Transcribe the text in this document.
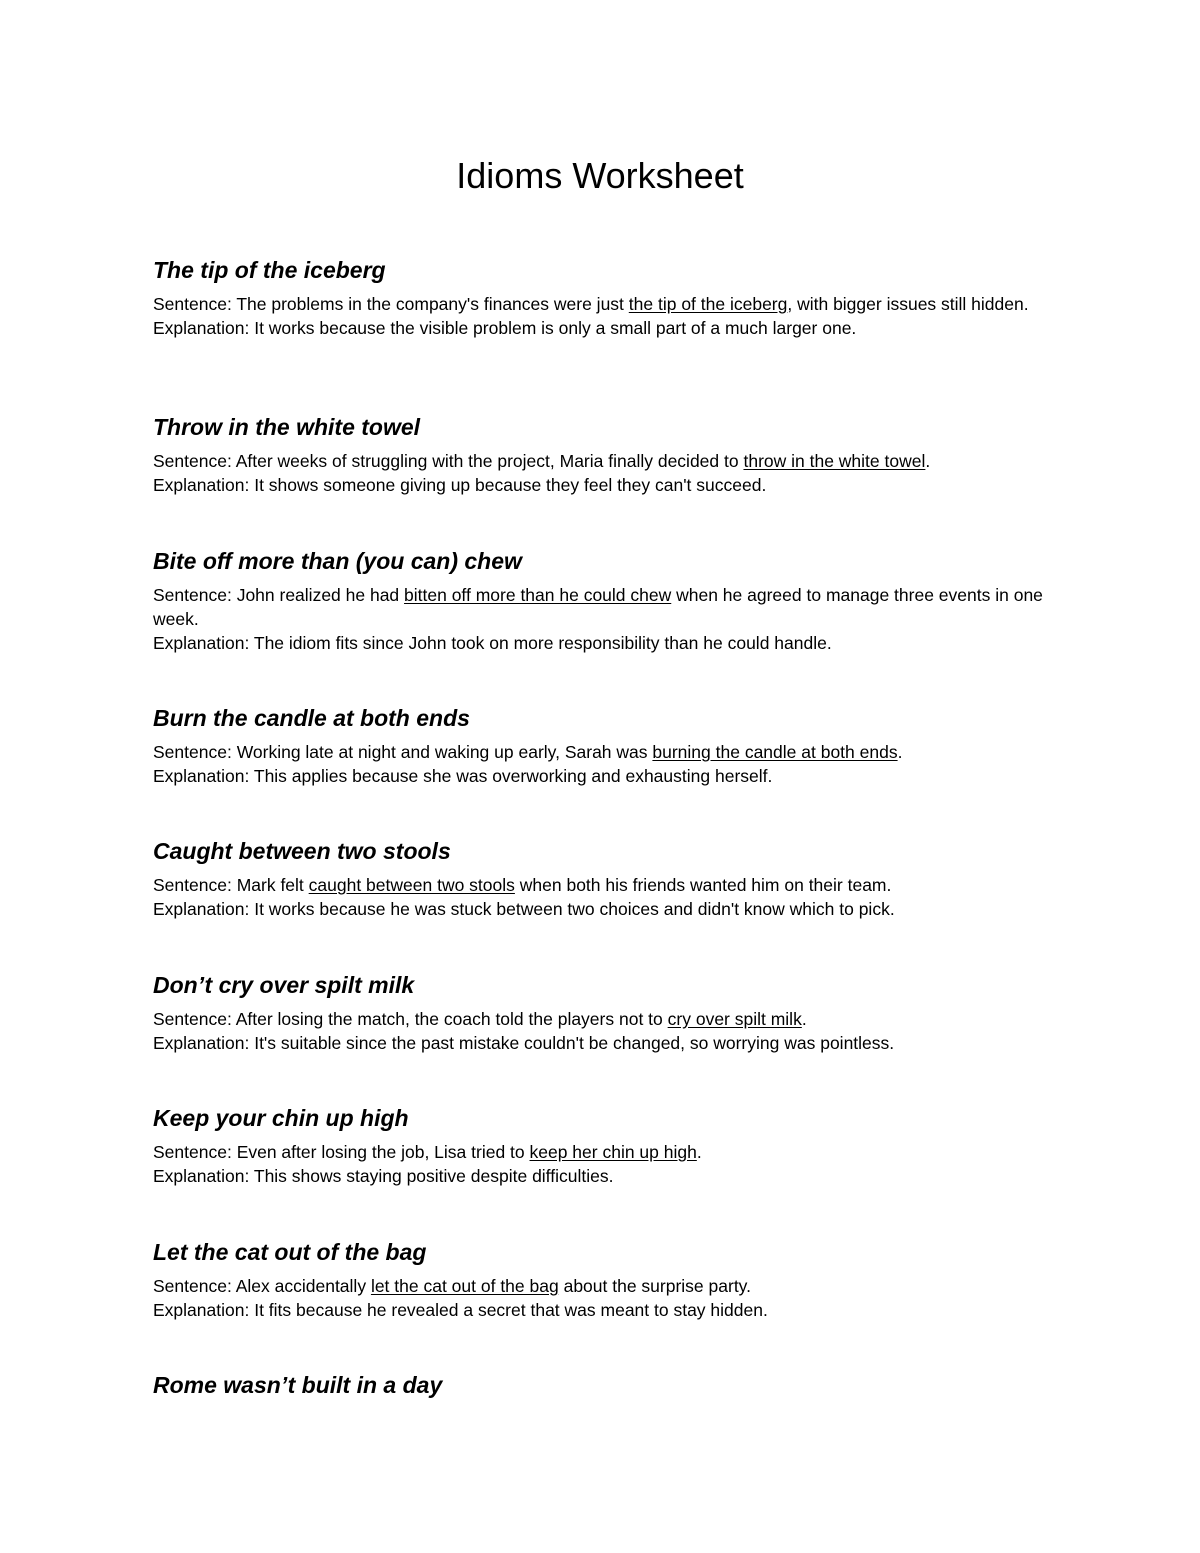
Idioms Worksheet

The tip of the iceberg

Sentence: The problems in the company's finances were just the tip of the iceberg, with bigger issues still hidden.

Explanation: It works because the visible problem is only a small part of a much larger one.

Throw in the white towel

Sentence: After weeks of struggling with the project, Maria finally decided to throw in the white towel.

Explanation: It shows someone giving up because they feel they can't succeed.

Bite off more than (you can) chew

Sentence: John realized he had bitten off more than he could chew when he agreed to manage three events in one week.

Explanation: The idiom fits since John took on more responsibility than he could handle.

Burn the candle at both ends

Sentence: Working late at night and waking up early, Sarah was burning the candle at both ends.

Explanation: This applies because she was overworking and exhausting herself.

Caught between two stools

Sentence: Mark felt caught between two stools when both his friends wanted him on their team.

Explanation: It works because he was stuck between two choices and didn't know which to pick.

Don’t cry over spilt milk

Sentence: After losing the match, the coach told the players not to cry over spilt milk.

Explanation: It's suitable since the past mistake couldn't be changed, so worrying was pointless.

Keep your chin up high

Sentence: Even after losing the job, Lisa tried to keep her chin up high.

Explanation: This shows staying positive despite difficulties.

Let the cat out of the bag

Sentence: Alex accidentally let the cat out of the bag about the surprise party.

Explanation: It fits because he revealed a secret that was meant to stay hidden.

Rome wasn’t built in a day
